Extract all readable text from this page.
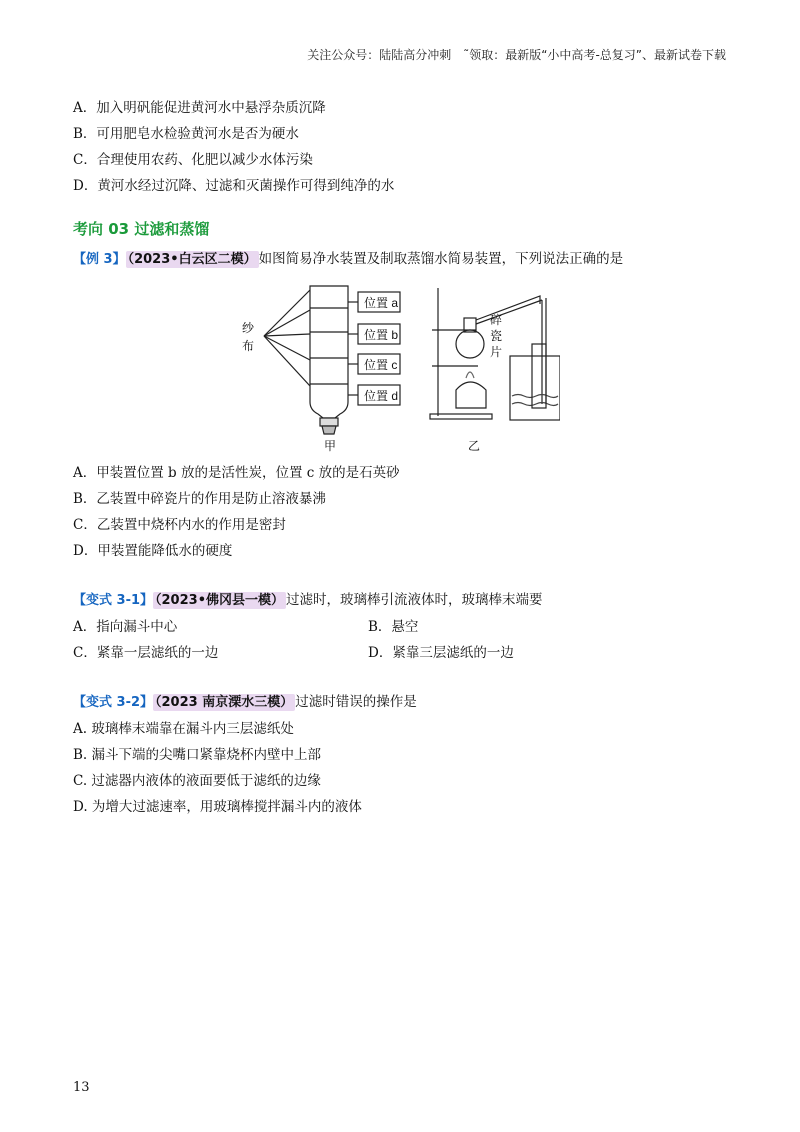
关注公众号：陆陆高分冲刺　˜领取：最新版“小中高考-总复习”、最新试卷下载
A．加入明矾能促进黄河水中悬浮杂质沉降
B．可用肥皂水检验黄河水是否为硬水
C．合理使用农药、化肥以减少水体污染
D．黄河水经过沉降、过滤和灭菌操作可得到纯净的水
考向 03 过滤和蒸馏
【例 3】 （2023•白云区二模） 如图简易净水装置及制取蒸馏水简易装置，下列说法正确的是
纱
布
位置 a
位置 b
位置 c
位置 d
碎
瓷
片
甲	乙
A．甲装置位置 b 放的是活性炭，位置 c 放的是石英砂
B．乙装置中碎瓷片的作用是防止溶液暴沸
C．乙装置中烧杯内水的作用是密封
D．甲装置能降低水的硬度
【变式 3-1】 （2023•佛冈县一模） 过滤时，玻璃棒引流液体时，玻璃棒末端要
A．指向漏斗中心	B．悬空
C．紧靠一层滤纸的一边	D．紧靠三层滤纸的一边
【变式 3-2】 （2023 南京溧水三模） 过滤时错误的操作是
A. 玻璃棒末端靠在漏斗内三层滤纸处
B. 漏斗下端的尖嘴口紧靠烧杯内壁中上部
C. 过滤器内液体的液面要低于滤纸的边缘
D. 为增大过滤速率，用玻璃棒搅拌漏斗内的液体
13
